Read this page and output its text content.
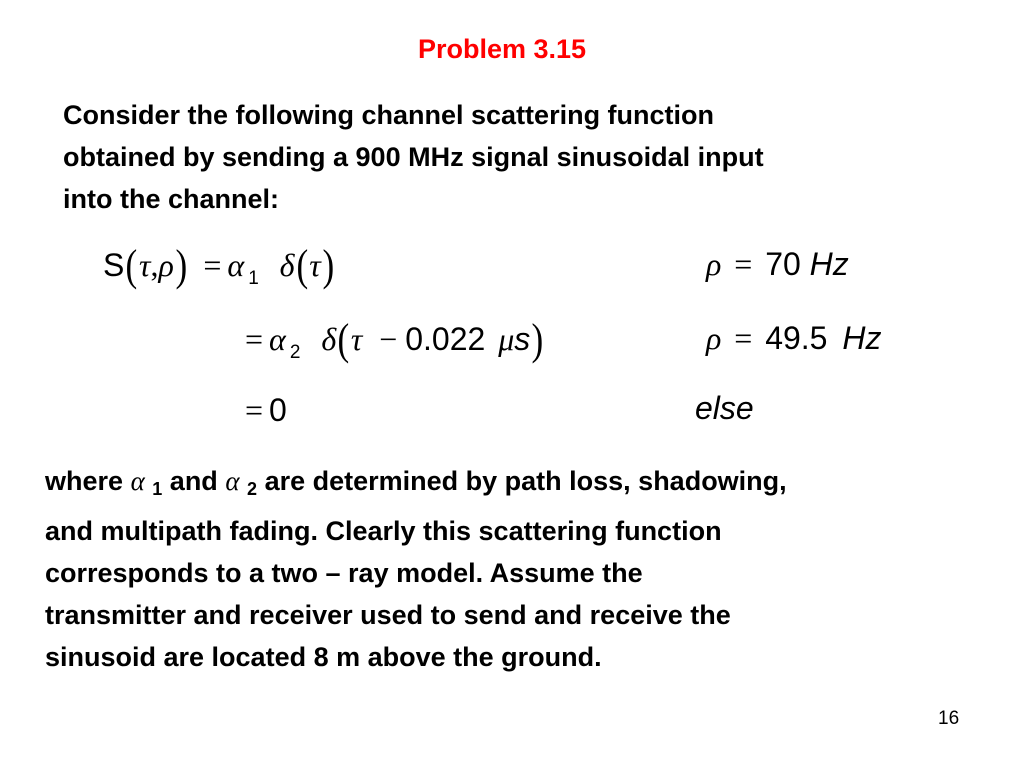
Problem 3.15
Consider the following channel scattering function
obtained by sending a 900 MHz signal sinusoidal input
into the channel:
S(τ,ρ) = α $_1$ δ(τ)	ρ = 70 Hz
= α $_2$ δ(τ − 0.022 μs)	ρ = 49.5 Hz
= 0	else
where α 1 and α 2 are determined by path loss, shadowing,
and multipath fading. Clearly this scattering function
corresponds to a two – ray model. Assume the
transmitter and receiver used to send and receive the
sinusoid are located 8 m above the ground.
16
